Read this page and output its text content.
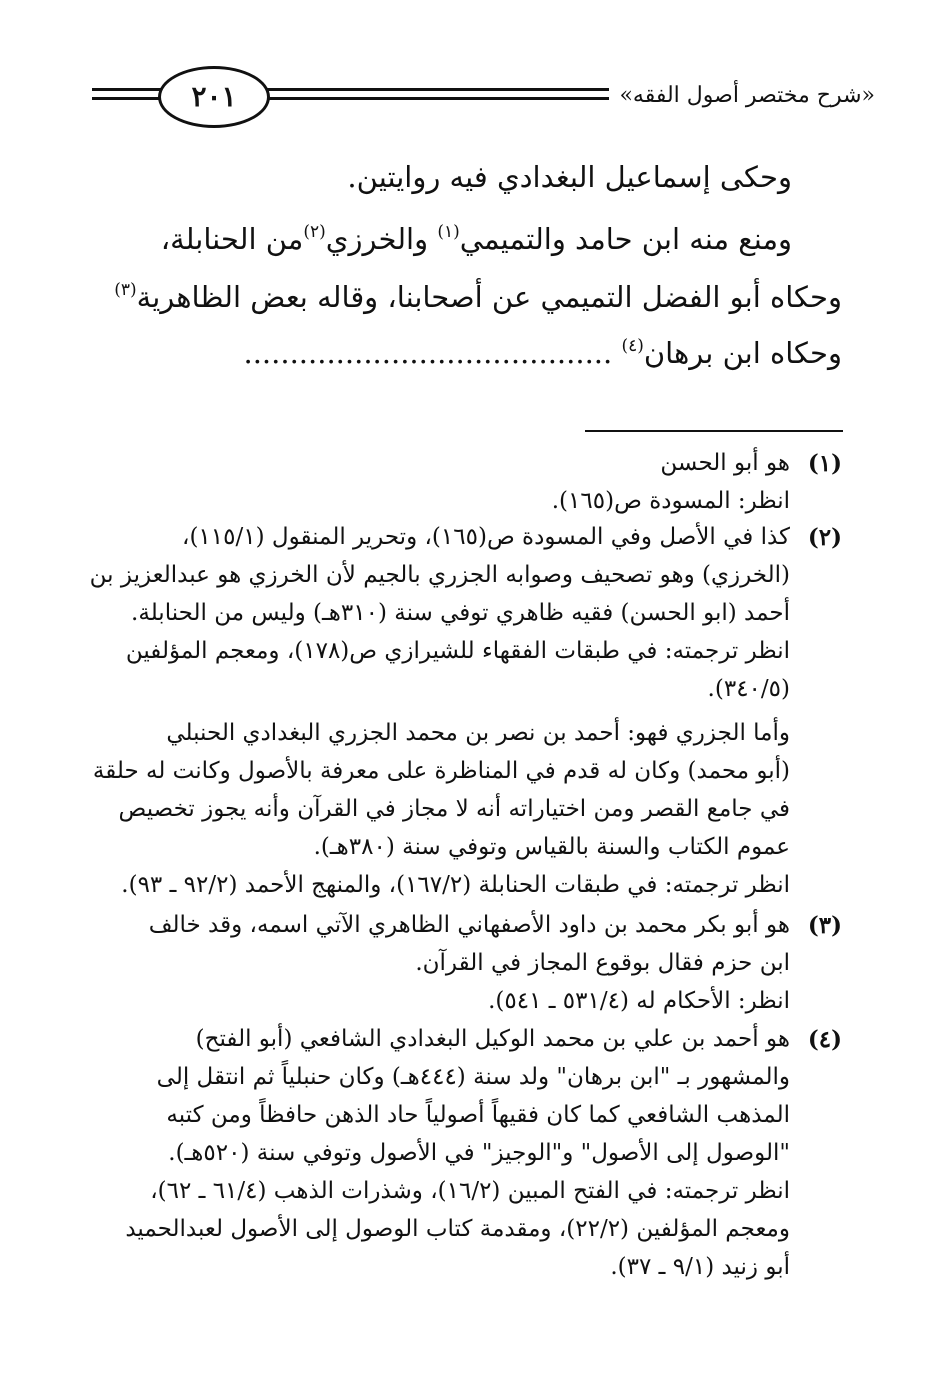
«شرح مختصر أصول الفقه»
٢٠١
وحكى إسماعيل البغدادي فيه روايتين.
ومنع منه ابن حامد والتميمي$^{(١)}$ والخرزي$^{(٢)}$من الحنابلة،
وحكاه أبو الفضل التميمي عن أصحابنا، وقاله بعض الظاهرية$^{(٣)}$
وحكاه ابن برهان$^{(٤)}$ ........................................
(١)
هو أبو الحسن
انظر: المسودة ص(١٦٥).
(٢)
كذا في الأصل وفي المسودة ص(١٦٥)، وتحرير المنقول (١١٥/١)،
(الخرزي) وهو تصحيف وصوابه الجزري بالجيم لأن الخرزي هو عبدالعزيز بن
أحمد (ابو الحسن) فقيه ظاهري توفي سنة (٣١٠هـ) وليس من الحنابلة.
انظر ترجمته: في طبقات الفقهاء للشيرازي ص(١٧٨)، ومعجم المؤلفين
(٣٤٠/٥).
وأما الجزري فهو: أحمد بن نصر بن محمد الجزري البغدادي الحنبلي
(أبو محمد) وكان له قدم في المناظرة على معرفة بالأصول وكانت له حلقة
في جامع القصر ومن اختياراته أنه لا مجاز في القرآن وأنه يجوز تخصيص
عموم الكتاب والسنة بالقياس وتوفي سنة (٣٨٠هـ).
انظر ترجمته: في طبقات الحنابلة (١٦٧/٢)، والمنهج الأحمد (٩٢/٢ ـ ٩٣).
(٣)
هو أبو بكر محمد بن داود الأصفهاني الظاهري الآتي اسمه، وقد خالف
ابن حزم فقال بوقوع المجاز في القرآن.
انظر: الأحكام له (٥٣١/٤ ـ ٥٤١).
(٤)
هو أحمد بن علي بن محمد الوكيل البغدادي الشافعي (أبو الفتح)
والمشهور بـ "ابن برهان" ولد سنة (٤٤٤هـ) وكان حنبلياً ثم انتقل إلى
المذهب الشافعي كما كان فقيهاً أصولياً حاد الذهن حافظاً ومن كتبه
"الوصول إلى الأصول" و"الوجيز" في الأصول وتوفي سنة (٥٢٠هـ).
انظر ترجمته: في الفتح المبين (١٦/٢)، وشذرات الذهب (٦١/٤ ـ ٦٢)،
ومعجم المؤلفين (٢٢/٢)، ومقدمة كتاب الوصول إلى الأصول لعبدالحميد
أبو زنيد (٩/١ ـ ٣٧).
